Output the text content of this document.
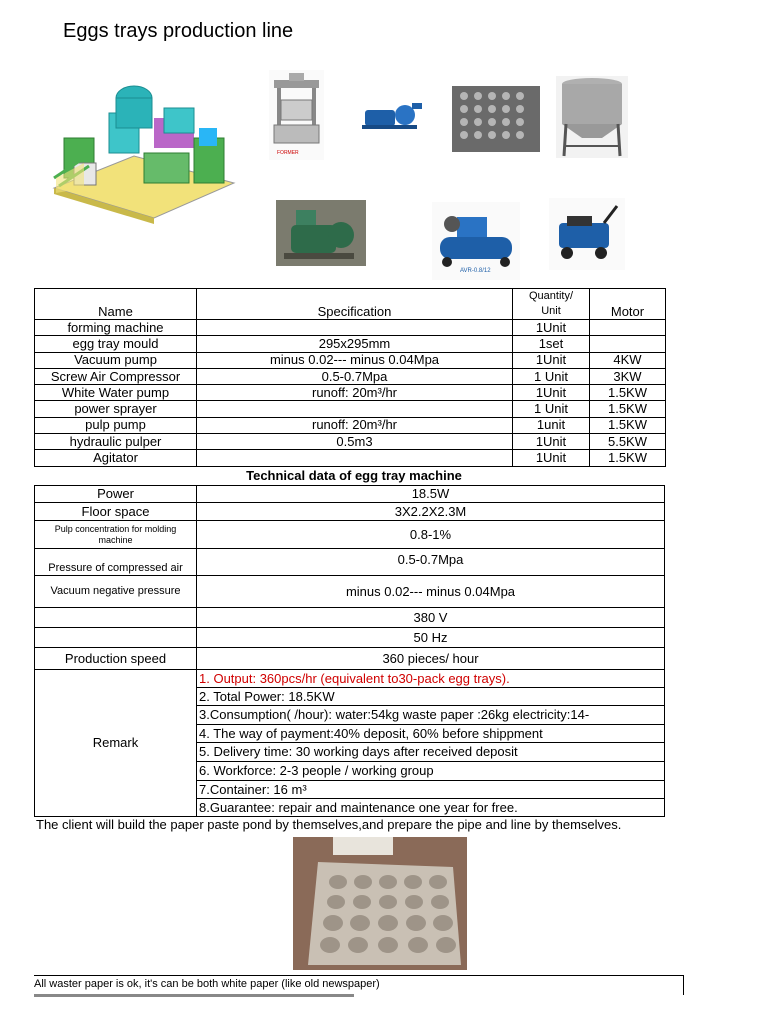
Eggs trays production line
FORMER
AVR-0.8/12
Name	Specification	Quantity/
Unit	Motor
forming machine		1Unit	
egg tray mould	295x295mm	1set	
Vacuum pump	minus 0.02--- minus 0.04Mpa	1Unit	4KW
Screw Air Compressor	0.5-0.7Mpa	1 Unit	3KW
White Water pump	runoff: 20m³/hr	1Unit	1.5KW
power sprayer		1 Unit	1.5KW
pulp pump	runoff: 20m³/hr	1unit	1.5KW
hydraulic pulper	0.5m3	1Unit	5.5KW
Agitator		1Unit	1.5KW
Technical data of egg tray machine
Power	18.5W
Floor space	3X2.2X2.3M
Pulp concentration for molding machine	0.8-1%
Pressure of compressed air	0.5-0.7Mpa
Vacuum negative pressure	minus 0.02--- minus 0.04Mpa
	380 V
	50 Hz
Production speed	360 pieces/ hour
Remark	1. Output: 360pcs/hr (equivalent to30-pack egg trays).
	2. Total Power: 18.5KW
	3.Consumption( /hour): water:54kg waste paper :26kg electricity:14-
	4. The way of payment:40% deposit, 60% before shippment
	5. Delivery time: 30 working days after received deposit
	6. Workforce: 2-3 people / working group
	7.Container: 16 m³
	8.Guarantee: repair and maintenance one year for free.
The client will build the paper paste pond by themselves,and prepare the pipe and line by themselves.
All waster paper is ok, it's can be both white paper (like old newspaper)
